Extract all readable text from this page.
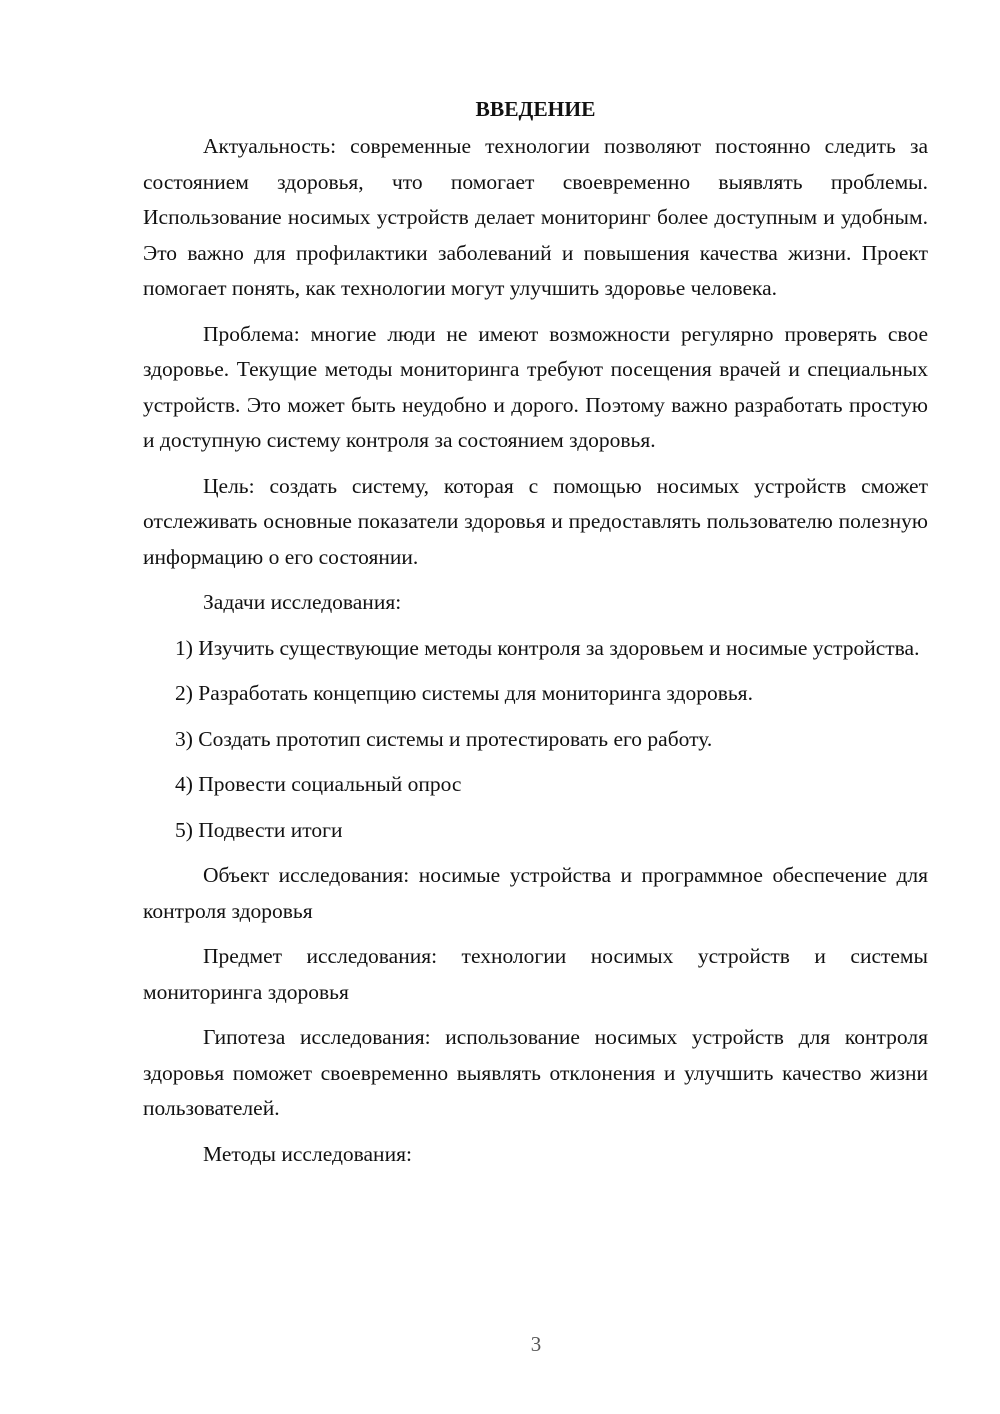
ВВЕДЕНИЕ

Актуальность: современные технологии позволяют постоянно следить за состоянием здоровья, что помогает своевременно выявлять проблемы. Использование носимых устройств делает мониторинг более доступным и удобным. Это важно для профилактики заболеваний и повышения качества жизни. Проект помогает понять, как технологии могут улучшить здоровье человека.

Проблема: многие люди не имеют возможности регулярно проверять свое здоровье. Текущие методы мониторинга требуют посещения врачей и специальных устройств. Это может быть неудобно и дорого. Поэтому важно разработать простую и доступную систему контроля за состоянием здоровья.

Цель: создать систему, которая с помощью носимых устройств сможет отслеживать основные показатели здоровья и предоставлять пользователю полезную информацию о его состоянии.

Задачи исследования:

1) Изучить существующие методы контроля за здоровьем и носимые устройства.

2) Разработать концепцию системы для мониторинга здоровья.

3) Создать прототип системы и протестировать его работу.

4) Провести социальный опрос

5) Подвести итоги

Объект исследования: носимые устройства и программное обеспечение для контроля здоровья

Предмет исследования: технологии носимых устройств и системы мониторинга здоровья

Гипотеза исследования: использование носимых устройств для контроля здоровья поможет своевременно выявлять отклонения и улучшить качество жизни пользователей.

Методы исследования:

3
